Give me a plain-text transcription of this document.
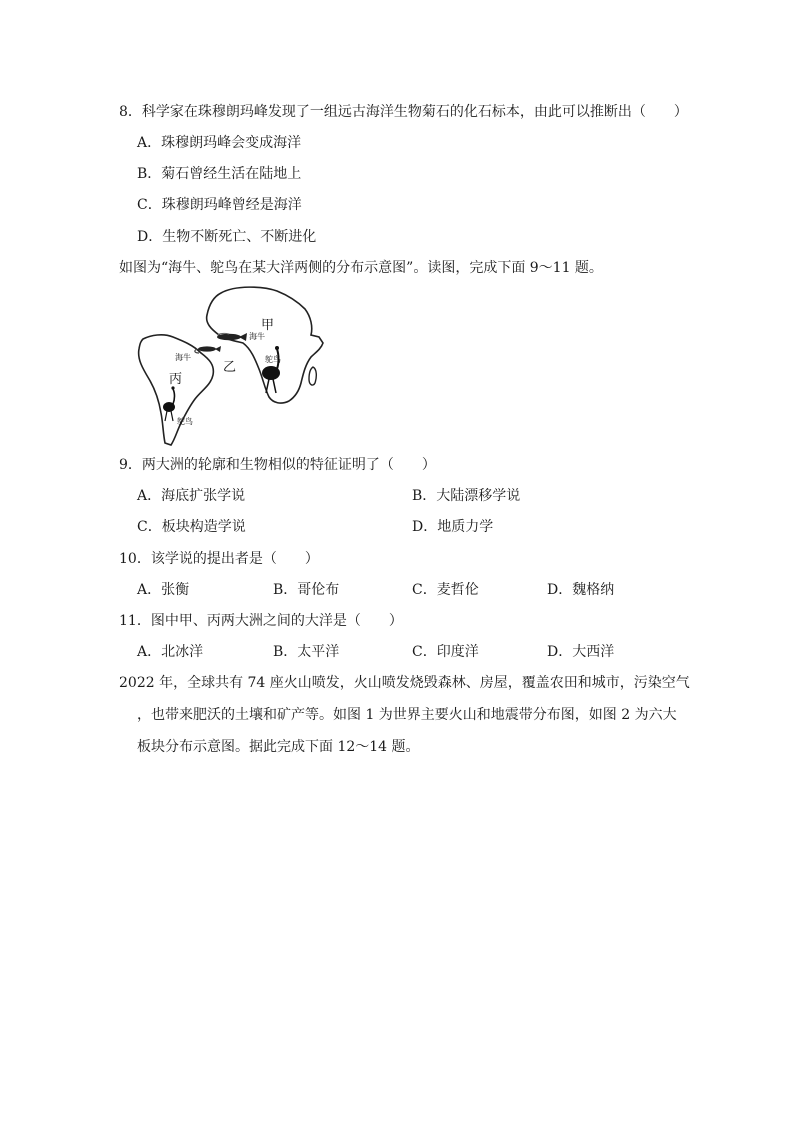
8．科学家在珠穆朗玛峰发现了一组远古海洋生物菊石的化石标本，由此可以推断出（　　）
A．珠穆朗玛峰会变成海洋
B．菊石曾经生活在陆地上
C．珠穆朗玛峰曾经是海洋
D．生物不断死亡、不断进化
如图为“海牛、鸵鸟在某大洋两侧的分布示意图”。读图，完成下面 9～11 题。
甲
乙
丙
海牛
鸵鸟
海牛
鸵鸟
9．两大洲的轮廓和生物相似的特征证明了（　　）
A．海底扩张学说	B．大陆漂移学说
C．板块构造学说	D．地质力学
10．该学说的提出者是（　　）
A．张衡	B．哥伦布	C．麦哲伦	D．魏格纳
11．图中甲、丙两大洲之间的大洋是（　　）
A．北冰洋	B．太平洋	C．印度洋	D．大西洋
2022 年，全球共有 74 座火山喷发，火山喷发烧毁森林、房屋，覆盖农田和城市，污染空气
，也带来肥沃的土壤和矿产等。如图 1 为世界主要火山和地震带分布图，如图 2 为六大
板块分布示意图。据此完成下面 12～14 题。
